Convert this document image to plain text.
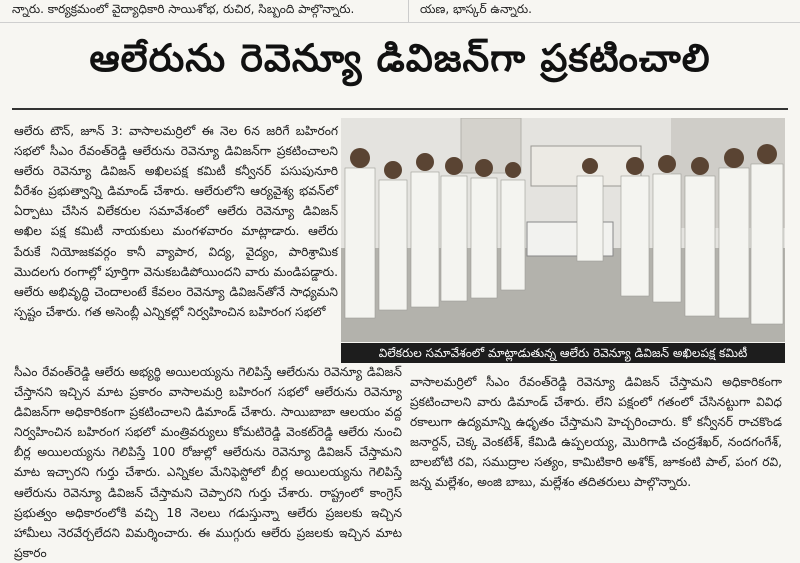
న్నారు. కార్యక్రమంలో వైద్యాధికారి సాయిశోభ, రుచిర, సిబ్బంది పాల్గొన్నారు.	యణ, భాస్కర్ ఉన్నారు.
ఆలేరును రెవెన్యూ డివిజన్‌గా ప్రకటించాలి

ఆలేరు టౌన్, జూన్ 3: వాసాలమర్రిలో ఈ నెల 6న జరిగే బహిరంగ సభలో సీఎం రేవంత్‌రెడ్డి ఆలేరును రెవెన్యూ డివిజన్‌గా ప్రకటించాలని ఆలేరు రెవెన్యూ డివిజన్ అఖిలపక్ష కమిటీ కన్వీనర్ పసుపునూరి వీరేశం ప్రభుత్వాన్ని డిమాండ్ చేశారు. ఆలేరులోని ఆర్యవైశ్య భవన్‌లో ఏర్పాటు చేసిన విలేకరుల సమావేశంలో ఆలేరు రెవెన్యూ డివిజన్ అఖిల పక్ష కమిటీ నాయకులు మంగళవారం మాట్లాడారు. ఆలేరు పేరుకే నియోజకవర్గం కానీ వ్యాపార, విద్య, వైద్యం, పారిశ్రామిక మొదలగు రంగాల్లో పూర్తిగా వెనుకబడిపోయిందని వారు మండిపడ్డారు. ఆలేరు అభివృద్ధి చెందాలంటే కేవలం రెవెన్యూ డివిజన్‌తోనే సాధ్యమని స్పష్టం చేశారు. గత అసెంబ్లీ ఎన్నికల్లో నిర్వహించిన బహిరంగ సభలో

విలేకరుల సమావేశంలో మాట్లాడుతున్న ఆలేరు రెవెన్యూ డివిజన్ అఖిలపక్ష కమిటీ

సీఎం రేవంత్‌రెడ్డి ఆలేరు అభ్యర్థి అయిలయ్యను గెలిపిస్తే ఆలేరును రెవెన్యూ డివిజన్ చేస్తానని ఇచ్చిన మాట ప్రకారం వాసాలమర్రి బహిరంగ సభలో ఆలేరును రెవెన్యూ డివిజన్‌గా అధికారికంగా ప్రకటించాలని డిమాండ్ చేశారు. సాయిబాబా ఆలయం వద్ద నిర్వహించిన బహిరంగ సభలో మంత్రివర్యులు కోమటిరెడ్డి వెంకట్‌రెడ్డి ఆలేరు నుంచి బీర్ల అయిలయ్యను గెలిపిస్తే 100 రోజుల్లో ఆలేరును రెవెన్యూ డివిజన్ చేస్తామని మాట ఇచ్చారని గుర్తు చేశారు. ఎన్నికల మేనిఫెస్టోలో బీర్ల అయిలయ్యను గెలిపిస్తే ఆలేరును రెవెన్యూ డివిజన్ చేస్తామని చెప్పారని గుర్తు చేశారు. రాష్ట్రంలో కాంగ్రెస్ ప్రభుత్వం అధికారంలోకి వచ్చి 18 నెలలు గడుస్తున్నా ఆలేరు ప్రజలకు ఇచ్చిన హామీలు నెరవేర్చలేదని విమర్శించారు. ఈ ముగ్గురు ఆలేరు ప్రజలకు ఇచ్చిన మాట ప్రకారం

వాసాలమర్రిలో సీఎం రేవంత్‌రెడ్డి రెవెన్యూ డివిజన్ చేస్తామని అధికారికంగా ప్రకటించాలని వారు డిమాండ్ చేశారు. లేని పక్షంలో గతంలో చేసినట్టుగా వివిధ రకాలుగా ఉద్యమాన్ని ఉధృతం చేస్తామని హెచ్చరించారు. కో కన్వీనర్ రాచకొండ జనార్దన్, చెక్క వెంకటేశ్, కేమిడి ఉప్పలయ్య, మొరిగాడి చంద్రశేఖర్, నందగంగేశ్, బాలబోటి రవి, సముద్రాల సత్యం, కామిటికారి అశోక్, జూకంటి పాల్, పంగ రవి, జన్న మల్లేశం, అంజి బాబు, మల్లేశం తదితరులు పాల్గొన్నారు.
